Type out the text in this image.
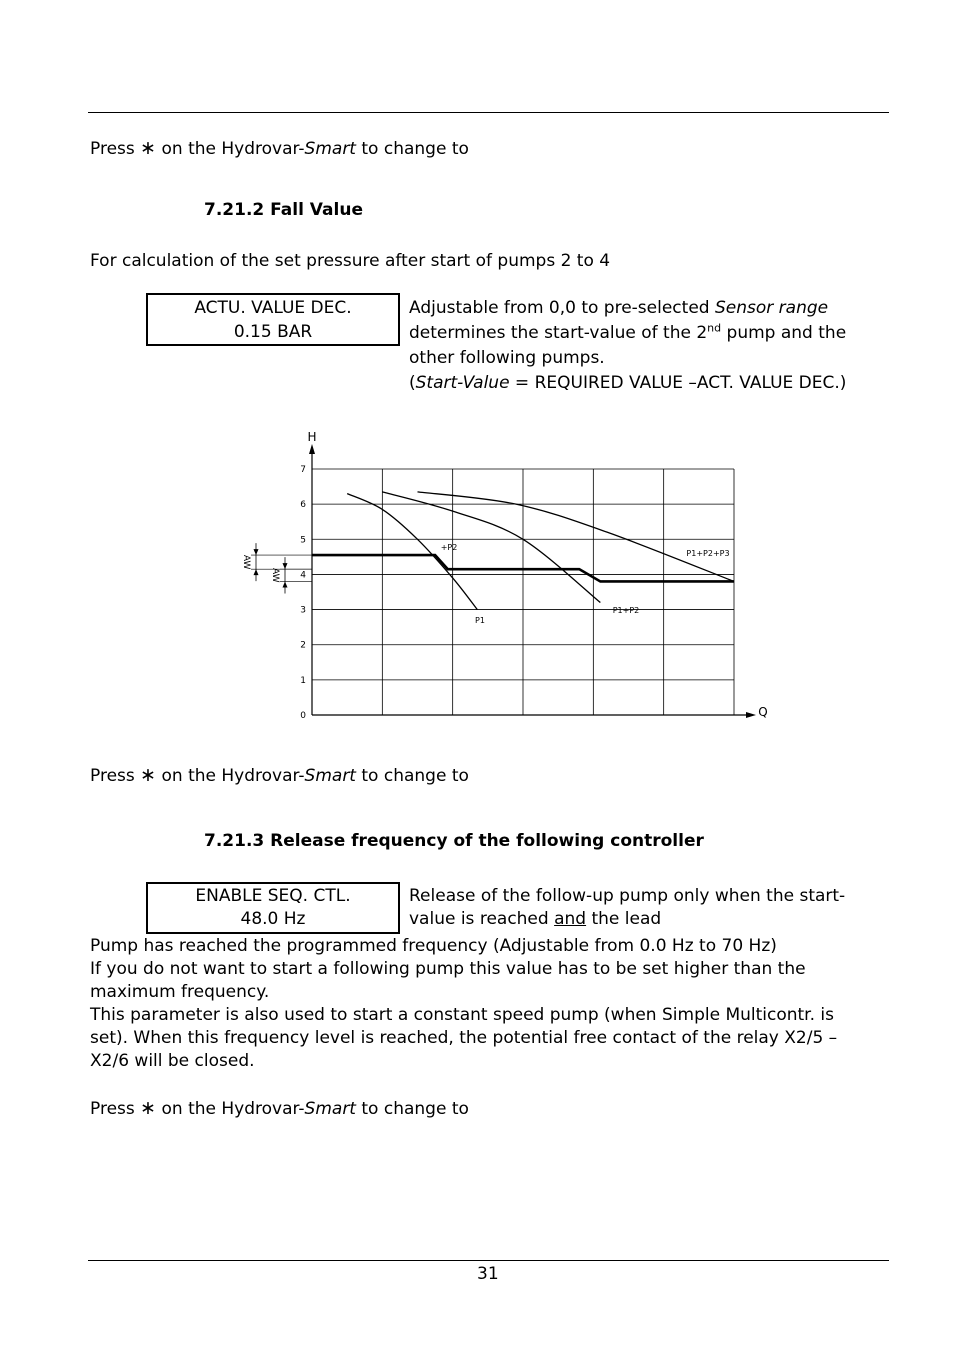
Press ∗ on the Hydrovar-Smart to change to
7.21.2 Fall Value
For calculation of the set pressure after start of pumps 2 to 4
ACTU. VALUE DEC.
0.15 BAR
Adjustable from 0,0 to pre-selected Sensor range
determines the start-value of the 2nd pump and the
other following pumps.
(Start-Value = REQUIRED VALUE –ACT. VALUE DEC.)
0
1
2
3
4
5
6
7
H
Q
+P2
P1
P1+P2
P1+P2+P3
AW
AW
Press ∗ on the Hydrovar-Smart to change to
7.21.3 Release frequency of the following controller
ENABLE SEQ. CTL.
48.0 Hz
Release of the follow-up pump only when the start-
value is reached and the lead
Pump has reached the programmed frequency (Adjustable from 0.0 Hz to 70 Hz)
If you do not want to start a following pump this value has to be set higher than the
maximum frequency.
This parameter is also used to start a constant speed pump (when Simple Multicontr. is
set). When this frequency level is reached, the potential free contact of the relay X2/5 –
X2/6 will be closed.
Press ∗ on the Hydrovar-Smart to change to
31
